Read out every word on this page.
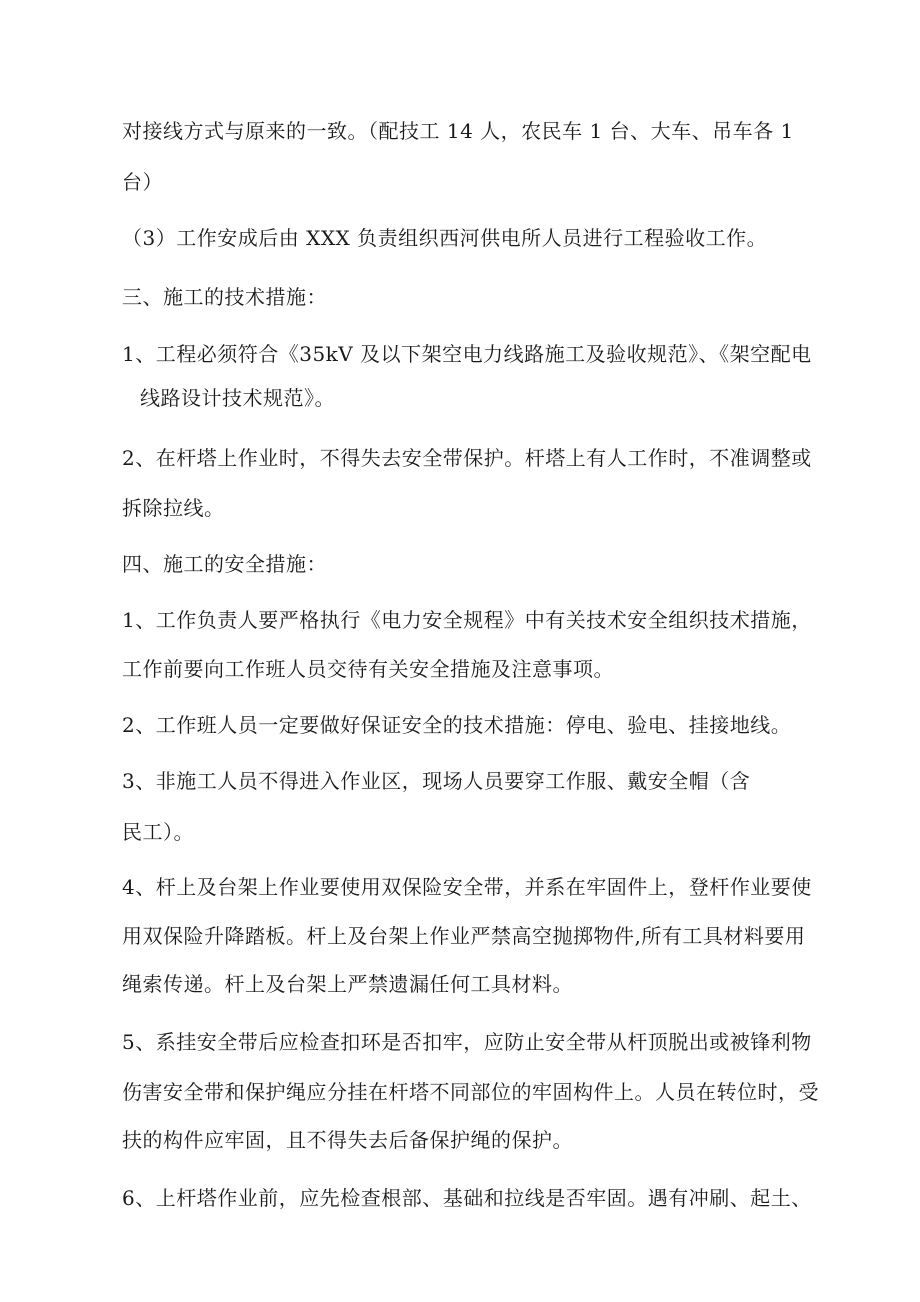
对接线方式与原来的一致。（配技工 14 人，农民车 1 台、大车、吊车各 1
台）
（3）工作安成后由 XXX 负责组织西河供电所人员进行工程验收工作。
三、施工的技术措施：
1、工程必须符合《35kV 及以下架空电力线路施工及验收规范》、《架空配电
线路设计技术规范》。
2、在杆塔上作业时，不得失去安全带保护。杆塔上有人工作时，不准调整或
拆除拉线。
四、施工的安全措施：
1、工作负责人要严格执行《电力安全规程》中有关技术安全组织技术措施，
工作前要向工作班人员交待有关安全措施及注意事项。
2、工作班人员一定要做好保证安全的技术措施：停电、验电、挂接地线。
3、非施工人员不得进入作业区，现场人员要穿工作服、戴安全帽（含
民工）。
4、杆上及台架上作业要使用双保险安全带，并系在牢固件上，登杆作业要使
用双保险升降踏板。杆上及台架上作业严禁高空抛掷物件,所有工具材料要用
绳索传递。杆上及台架上严禁遗漏任何工具材料。
5、系挂安全带后应检查扣环是否扣牢，应防止安全带从杆顶脱出或被锋利物
伤害安全带和保护绳应分挂在杆塔不同部位的牢固构件上。人员在转位时，受
扶的构件应牢固，且不得失去后备保护绳的保护。
6、上杆塔作业前，应先检查根部、基础和拉线是否牢固。遇有冲刷、起土、
